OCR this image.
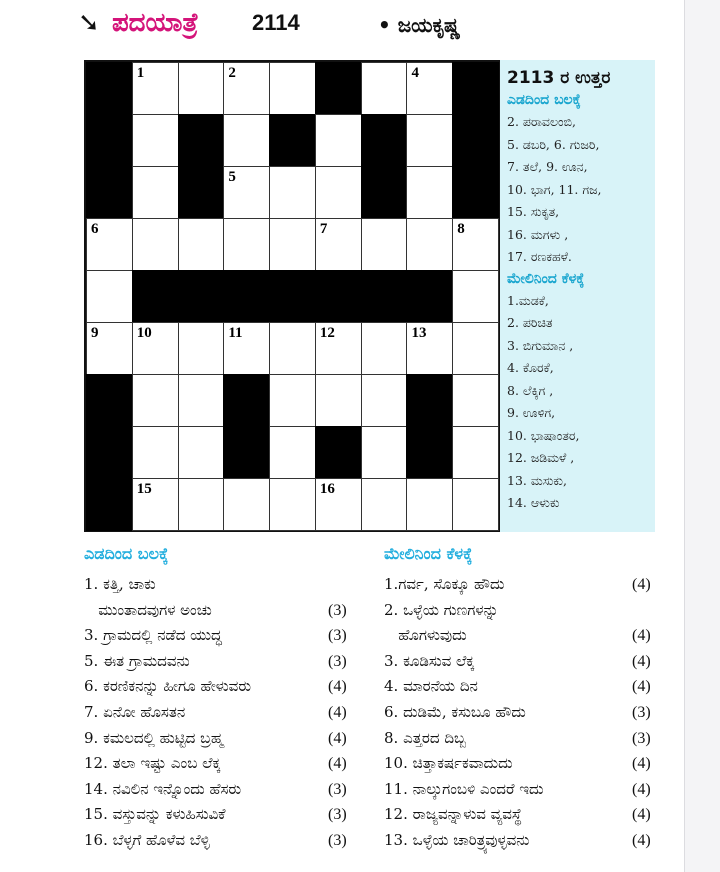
➘ ಪದಯಾತ್ರೆ 2114	• ಜಯಕೃಷ್ಣ
1	2	3	4
5
6	7	8
9	10	11	12	13
14
15	16
2113 ರ ಉತ್ತರ
ಎಡದಿಂದ ಬಲಕ್ಕೆ
2. ಪರಾವಲಂಬಿ,
5. ಡಬರಿ, 6. ಗುಜರಿ,
7. ತಲೆ, 9. ಊನ,
10. ಭಾಗ, 11. ಗಜ,
15. ಸುಕೃತ,
16. ಮಗಳು ,
17. ರಣಕಹಳೆ.
ಮೇಲಿನಿಂದ ಕೆಳಕ್ಕೆ
1.ಮಡಕೆ,
2. ಪರಿಚಿತ
3. ಬಿಗುಮಾನ ,
4. ಕೊರಕೆ,
8. ಲೆಕ್ಕಿಗ ,
9. ಊಳಿಗ,
10. ಭಾಷಾಂತರ,
12. ಜಡಿಮಳೆ ,
13. ಮಸುಕು,
14. ಆಳುಕು
ಎಡದಿಂದ ಬಲಕ್ಕೆ	ಮೇಲಿನಿಂದ ಕೆಳಕ್ಕೆ
1. ಕತ್ತಿ, ಚಾಕು
ಮುಂತಾದವುಗಳ ಅಂಚು	(3)
3. ಗ್ರಾಮದಲ್ಲಿ ನಡೆದ ಯುದ್ಧ	(3)
5. ಈತ ಗ್ರಾಮದವನು	(3)
6. ಕರಣಿಕನನ್ನು ಹೀಗೂ ಹೇಳುವರು	(4)
7. ಏನೋ ಹೊಸತನ	(4)
9. ಕಮಲದಲ್ಲಿ ಹುಟ್ಟಿದ ಬ್ರಹ್ಮ	(4)
12. ತಲಾ ಇಷ್ಟು ಎಂಬ ಲೆಕ್ಕ	(4)
14. ನವಿಲಿನ ಇನ್ನೊಂದು ಹೆಸರು	(3)
15. ವಸ್ತುವನ್ನು ಕಳುಹಿಸುವಿಕೆ	(3)
16. ಬೆಳ್ಳಗೆ ಹೊಳೆವ ಬೆಳ್ಳಿ	(3)
1.ಗರ್ವ, ಸೊಕ್ಕೂ ಹೌದು	(4)
2. ಒಳ್ಳೆಯ ಗುಣಗಳನ್ನು
ಹೊಗಳುವುದು	(4)
3. ಕೂಡಿಸುವ ಲೆಕ್ಕ	(4)
4. ಮಾರನೆಯ ದಿನ	(4)
6. ದುಡಿಮೆ, ಕಸುಬೂ ಹೌದು	(3)
8. ಎತ್ತರದ ದಿಬ್ಬ	(3)
10. ಚಿತ್ತಾಕರ್ಷಕವಾದುದು	(4)
11. ನಾಲ್ಕುಗಂಬಳಿ ಎಂದರೆ ಇದು	(4)
12. ರಾಜ್ಯವನ್ನಾಳುವ ವ್ಯವಸ್ಥೆ	(4)
13. ಒಳ್ಳೆಯ ಚಾರಿತ್ರ್ಯವುಳ್ಳವನು	(4)
